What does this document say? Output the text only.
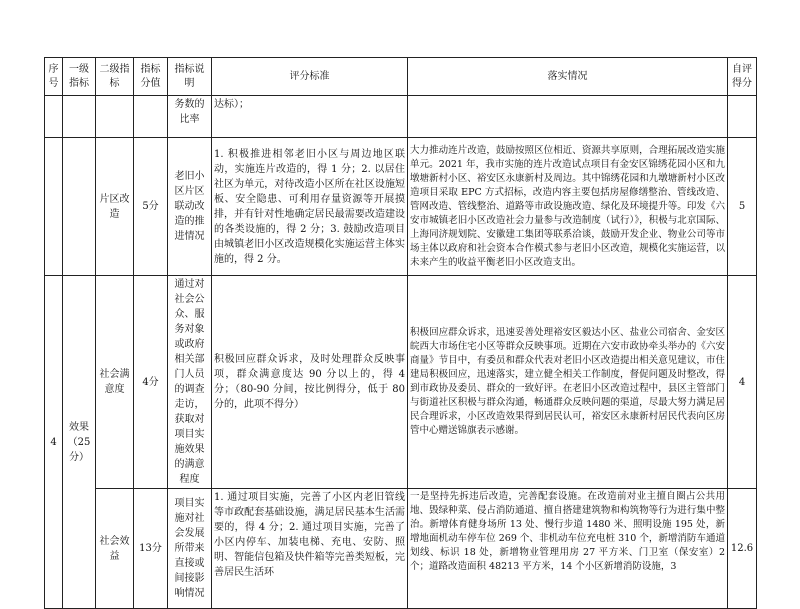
序号	一级指标	二级指标	指标分值	指标说明	评分标准	落实情况	自评得分
				务数的比率	达标）；		
		片区改造	5分	老旧小区片区联动改造的推进情况	1. 积极推进相邻老旧小区与周边地区联动，实施连片改造的，得 1 分；2. 以居住社区为单元，对待改造小区所在社区设施短板、安全隐患、可利用存量资源等开展摸排，并有针对性地确定居民最需要改造建设的各类设施的，得 2 分；3. 鼓励改造项目由城镇老旧小区改造规模化实施运营主体实施的，得 2 分。	大力推动连片改造，鼓励按照区位相近、资源共享原则，合理拓展改造实施单元。2021 年，我市实施的连片改造试点项目有金安区锦绣花园小区和九墩塘新村小区、裕安区永康新村及周边。其中锦绣花园和九墩塘新村小区改造项目采取 EPC 方式招标，改造内容主要包括房屋修缮整治、管线改造、管网改造、管线整治、道路等市政设施改造、绿化及环境提升等。印发《六安市城镇老旧小区改造社会力量参与改造制度（试行）》，积极与北京国际、上海同济规划院、安徽建工集团等联系洽谈，鼓励开发企业、物业公司等市场主体以政府和社会资本合作模式参与老旧小区改造，规模化实施运营，以未来产生的收益平衡老旧小区改造支出。	5
4	效果（25分）	社会满意度	4分	通过对社会公众、服务对象或政府相关部门人员的调查走访，获取对项目实施效果的满意程度	积极回应群众诉求，及时处理群众反映事项，群众满意度达 90 分以上的，得 4 分；（80-90 分间，按比例得分，低于 80 分的，此项不得分）	积极回应群众诉求，迅速妥善处理裕安区毅达小区、盐业公司宿舍、金安区皖西大市场住宅小区等群众反映事项。近期在六安市政协牵头举办的《六安商量》节目中，有委员和群众代表对老旧小区改造提出相关意见建议，市住建局积极回应，迅速落实，建立健全相关工作制度，督促问题及时整改，得到市政协及委员、群众的一致好评。在老旧小区改造过程中，县区主管部门与街道社区积极与群众沟通，畅通群众反映问题的渠道，尽最大努力满足居民合理诉求，小区改造效果得到居民认可，裕安区永康新村居民代表向区房管中心赠送锦旗表示感谢。	4
		社会效益	13分	项目实施对社会发展所带来直接或间接影响情况	1. 通过项目实施，完善了小区内老旧管线等市政配套基础设施，满足居民基本生活需要的，得 4 分；2. 通过项目实施，完善了小区内停车、加装电梯、充电、安防、照明、智能信包箱及快件箱等完善类短板，完善居民生活环	一是坚持先拆违后改造，完善配套设施。在改造前对业主擅自圈占公共用地、毁绿种菜、侵占消防通道、擅自搭建建筑物和构筑物等行为进行集中整治。新增体育健身场所 13 处、慢行步道 1480 米、照明设施 195 处，新增地面机动车停车位 269 个、非机动车位充电桩 310 个，新增消防车通道划线、标识 18 处，新增物业管理用房 27 平方米、门卫室（保安室）2 个；道路改造面积 48213 平方米，14 个小区新增消防设施，3	12.6
